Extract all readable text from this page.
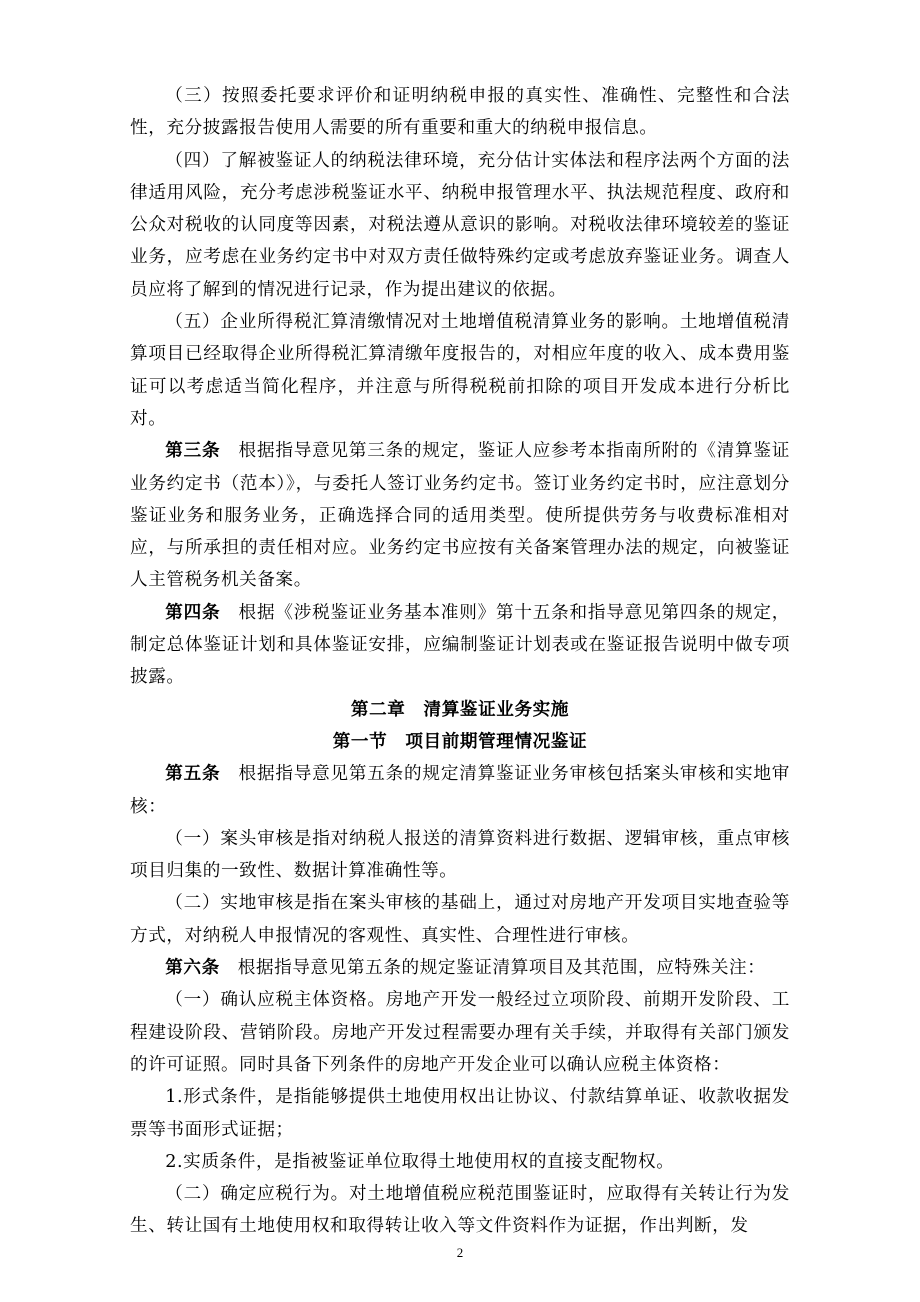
（三）按照委托要求评价和证明纳税申报的真实性、准确性、完整性和合法性，充分披露报告使用人需要的所有重要和重大的纳税申报信息。

（四）了解被鉴证人的纳税法律环境，充分估计实体法和程序法两个方面的法律适用风险，充分考虑涉税鉴证水平、纳税申报管理水平、执法规范程度、政府和公众对税收的认同度等因素，对税法遵从意识的影响。对税收法律环境较差的鉴证业务，应考虑在业务约定书中对双方责任做特殊约定或考虑放弃鉴证业务。调查人员应将了解到的情况进行记录，作为提出建议的依据。

（五）企业所得税汇算清缴情况对土地增值税清算业务的影响。土地增值税清算项目已经取得企业所得税汇算清缴年度报告的，对相应年度的收入、成本费用鉴证可以考虑适当简化程序，并注意与所得税税前扣除的项目开发成本进行分析比对。

第三条 根据指导意见第三条的规定，鉴证人应参考本指南所附的《清算鉴证业务约定书（范本）》，与委托人签订业务约定书。签订业务约定书时，应注意划分鉴证业务和服务业务，正确选择合同的适用类型。使所提供劳务与收费标准相对应，与所承担的责任相对应。业务约定书应按有关备案管理办法的规定，向被鉴证人主管税务机关备案。

第四条 根据《涉税鉴证业务基本准则》第十五条和指导意见第四条的规定，制定总体鉴证计划和具体鉴证安排，应编制鉴证计划表或在鉴证报告说明中做专项披露。

第二章 清算鉴证业务实施
第一节 项目前期管理情况鉴证

第五条 根据指导意见第五条的规定清算鉴证业务审核包括案头审核和实地审核：

（一）案头审核是指对纳税人报送的清算资料进行数据、逻辑审核，重点审核项目归集的一致性、数据计算准确性等。

（二）实地审核是指在案头审核的基础上，通过对房地产开发项目实地查验等方式，对纳税人申报情况的客观性、真实性、合理性进行审核。

第六条 根据指导意见第五条的规定鉴证清算项目及其范围，应特殊关注：

（一）确认应税主体资格。房地产开发一般经过立项阶段、前期开发阶段、工程建设阶段、营销阶段。房地产开发过程需要办理有关手续，并取得有关部门颁发的许可证照。同时具备下列条件的房地产开发企业可以确认应税主体资格：

1.形式条件，是指能够提供土地使用权出让协议、付款结算单证、收款收据发票等书面形式证据；

2.实质条件，是指被鉴证单位取得土地使用权的直接支配物权。

（二）确定应税行为。对土地增值税应税范围鉴证时，应取得有关转让行为发生、转让国有土地使用权和取得转让收入等文件资料作为证据，作出判断，发

2
